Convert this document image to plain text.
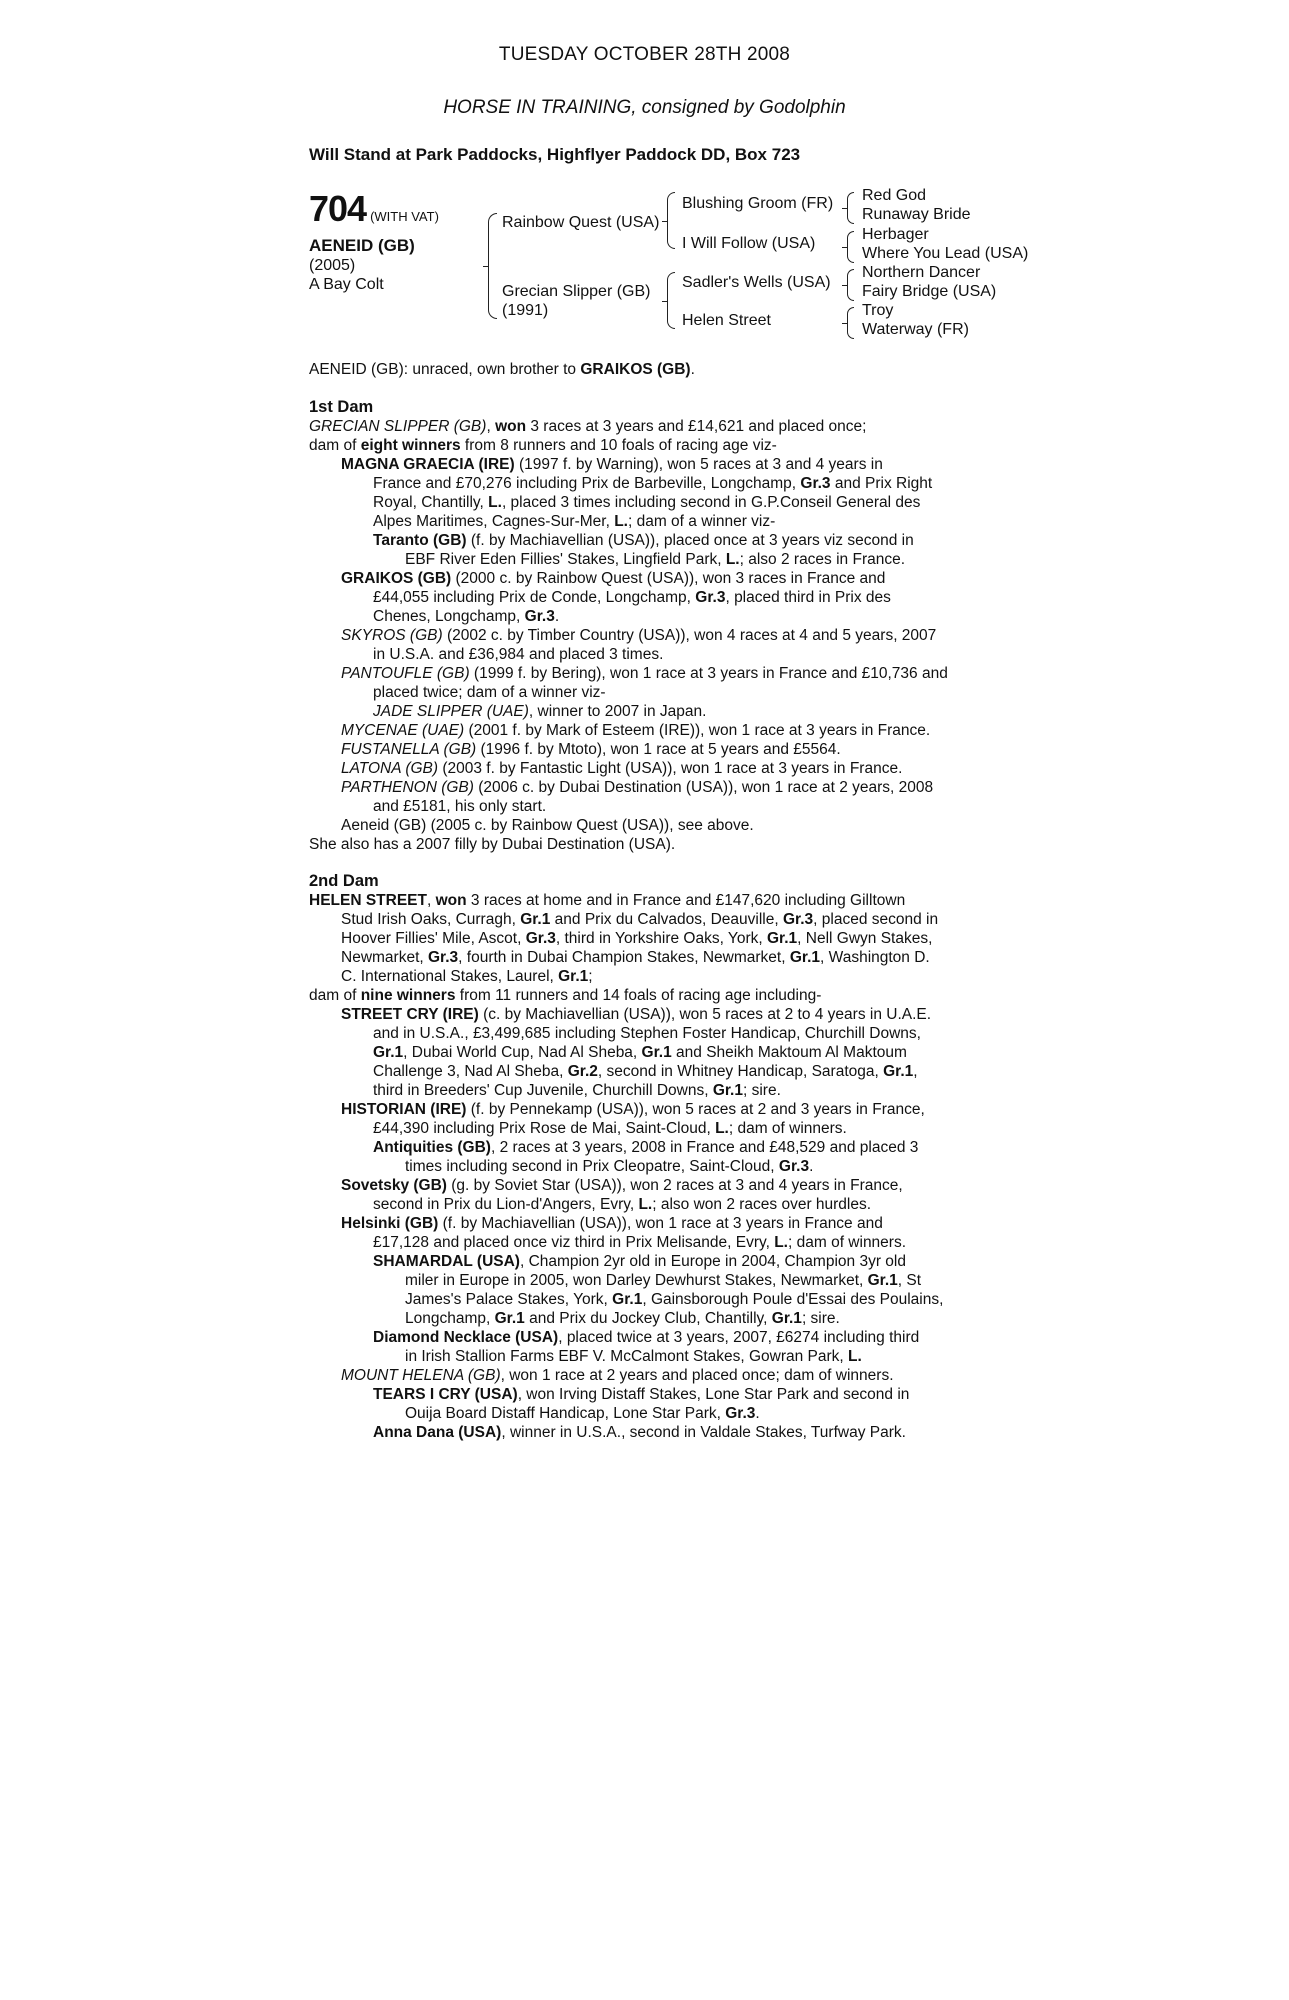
TUESDAY OCTOBER 28TH 2008
HORSE IN TRAINING, consigned by Godolphin
Will Stand at Park Paddocks, Highflyer Paddock DD, Box 723
704 (WITH VAT)
AENEID (GB)
(2005)
A Bay Colt
Rainbow Quest (USA)
Grecian Slipper (GB)
(1991)
Blushing Groom (FR)
I Will Follow (USA)
Sadler's Wells (USA)
Helen Street
Red God
Runaway Bride
Herbager
Where You Lead (USA)
Northern Dancer
Fairy Bridge (USA)
Troy
Waterway (FR)
AENEID (GB): unraced, own brother to GRAIKOS (GB).
1st Dam
GRECIAN SLIPPER (GB), won 3 races at 3 years and £14,621 and placed once;
dam of eight winners from 8 runners and 10 foals of racing age viz-
MAGNA GRAECIA (IRE) (1997 f. by Warning), won 5 races at 3 and 4 years in
France and £70,276 including Prix de Barbeville, Longchamp, Gr.3 and Prix Right
Royal, Chantilly, L., placed 3 times including second in G.P.Conseil General des
Alpes Maritimes, Cagnes-Sur-Mer, L.; dam of a winner viz-
Taranto (GB) (f. by Machiavellian (USA)), placed once at 3 years viz second in
EBF River Eden Fillies' Stakes, Lingfield Park, L.; also 2 races in France.
GRAIKOS (GB) (2000 c. by Rainbow Quest (USA)), won 3 races in France and
£44,055 including Prix de Conde, Longchamp, Gr.3, placed third in Prix des
Chenes, Longchamp, Gr.3.
SKYROS (GB) (2002 c. by Timber Country (USA)), won 4 races at 4 and 5 years, 2007
in U.S.A. and £36,984 and placed 3 times.
PANTOUFLE (GB) (1999 f. by Bering), won 1 race at 3 years in France and £10,736 and
placed twice; dam of a winner viz-
JADE SLIPPER (UAE), winner to 2007 in Japan.
MYCENAE (UAE) (2001 f. by Mark of Esteem (IRE)), won 1 race at 3 years in France.
FUSTANELLA (GB) (1996 f. by Mtoto), won 1 race at 5 years and £5564.
LATONA (GB) (2003 f. by Fantastic Light (USA)), won 1 race at 3 years in France.
PARTHENON (GB) (2006 c. by Dubai Destination (USA)), won 1 race at 2 years, 2008
and £5181, his only start.
Aeneid (GB) (2005 c. by Rainbow Quest (USA)), see above.
She also has a 2007 filly by Dubai Destination (USA).
2nd Dam
HELEN STREET, won 3 races at home and in France and £147,620 including Gilltown
Stud Irish Oaks, Curragh, Gr.1 and Prix du Calvados, Deauville, Gr.3, placed second in
Hoover Fillies' Mile, Ascot, Gr.3, third in Yorkshire Oaks, York, Gr.1, Nell Gwyn Stakes,
Newmarket, Gr.3, fourth in Dubai Champion Stakes, Newmarket, Gr.1, Washington D.
C. International Stakes, Laurel, Gr.1;
dam of nine winners from 11 runners and 14 foals of racing age including-
STREET CRY (IRE) (c. by Machiavellian (USA)), won 5 races at 2 to 4 years in U.A.E.
and in U.S.A., £3,499,685 including Stephen Foster Handicap, Churchill Downs,
Gr.1, Dubai World Cup, Nad Al Sheba, Gr.1 and Sheikh Maktoum Al Maktoum
Challenge 3, Nad Al Sheba, Gr.2, second in Whitney Handicap, Saratoga, Gr.1,
third in Breeders' Cup Juvenile, Churchill Downs, Gr.1; sire.
HISTORIAN (IRE) (f. by Pennekamp (USA)), won 5 races at 2 and 3 years in France,
£44,390 including Prix Rose de Mai, Saint-Cloud, L.; dam of winners.
Antiquities (GB), 2 races at 3 years, 2008 in France and £48,529 and placed 3
times including second in Prix Cleopatre, Saint-Cloud, Gr.3.
Sovetsky (GB) (g. by Soviet Star (USA)), won 2 races at 3 and 4 years in France,
second in Prix du Lion-d'Angers, Evry, L.; also won 2 races over hurdles.
Helsinki (GB) (f. by Machiavellian (USA)), won 1 race at 3 years in France and
£17,128 and placed once viz third in Prix Melisande, Evry, L.; dam of winners.
SHAMARDAL (USA), Champion 2yr old in Europe in 2004, Champion 3yr old
miler in Europe in 2005, won Darley Dewhurst Stakes, Newmarket, Gr.1, St
James's Palace Stakes, York, Gr.1, Gainsborough Poule d'Essai des Poulains,
Longchamp, Gr.1 and Prix du Jockey Club, Chantilly, Gr.1; sire.
Diamond Necklace (USA), placed twice at 3 years, 2007, £6274 including third
in Irish Stallion Farms EBF V. McCalmont Stakes, Gowran Park, L.
MOUNT HELENA (GB), won 1 race at 2 years and placed once; dam of winners.
TEARS I CRY (USA), won Irving Distaff Stakes, Lone Star Park and second in
Ouija Board Distaff Handicap, Lone Star Park, Gr.3.
Anna Dana (USA), winner in U.S.A., second in Valdale Stakes, Turfway Park.
